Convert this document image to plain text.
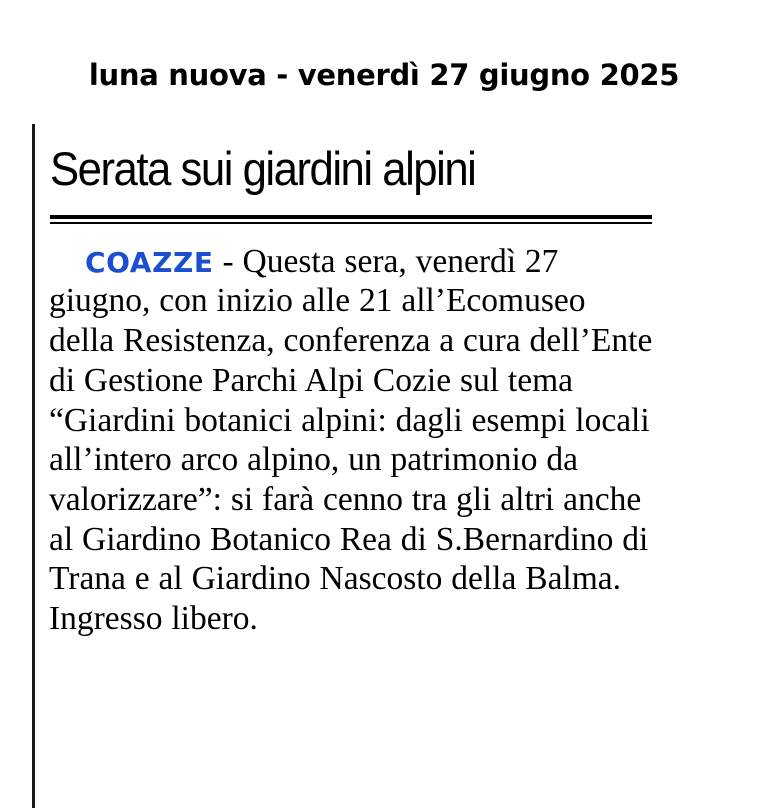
luna nuova - venerdì 27 giugno 2025
Serata sui giardini alpini

COAZZE - Questa sera, venerdì 27 giugno, con inizio alle 21 all’Ecomuseo della Resistenza, conferenza a cura dell’Ente di Gestione Parchi Alpi Cozie sul tema “Giardini botanici alpini: dagli esempi locali all’intero arco alpino, un patrimonio da valorizzare”: si farà cenno tra gli altri anche al Giardino Botanico Rea di S.Bernardino di Trana e al Giardino Nascosto della Balma. Ingresso libero.
